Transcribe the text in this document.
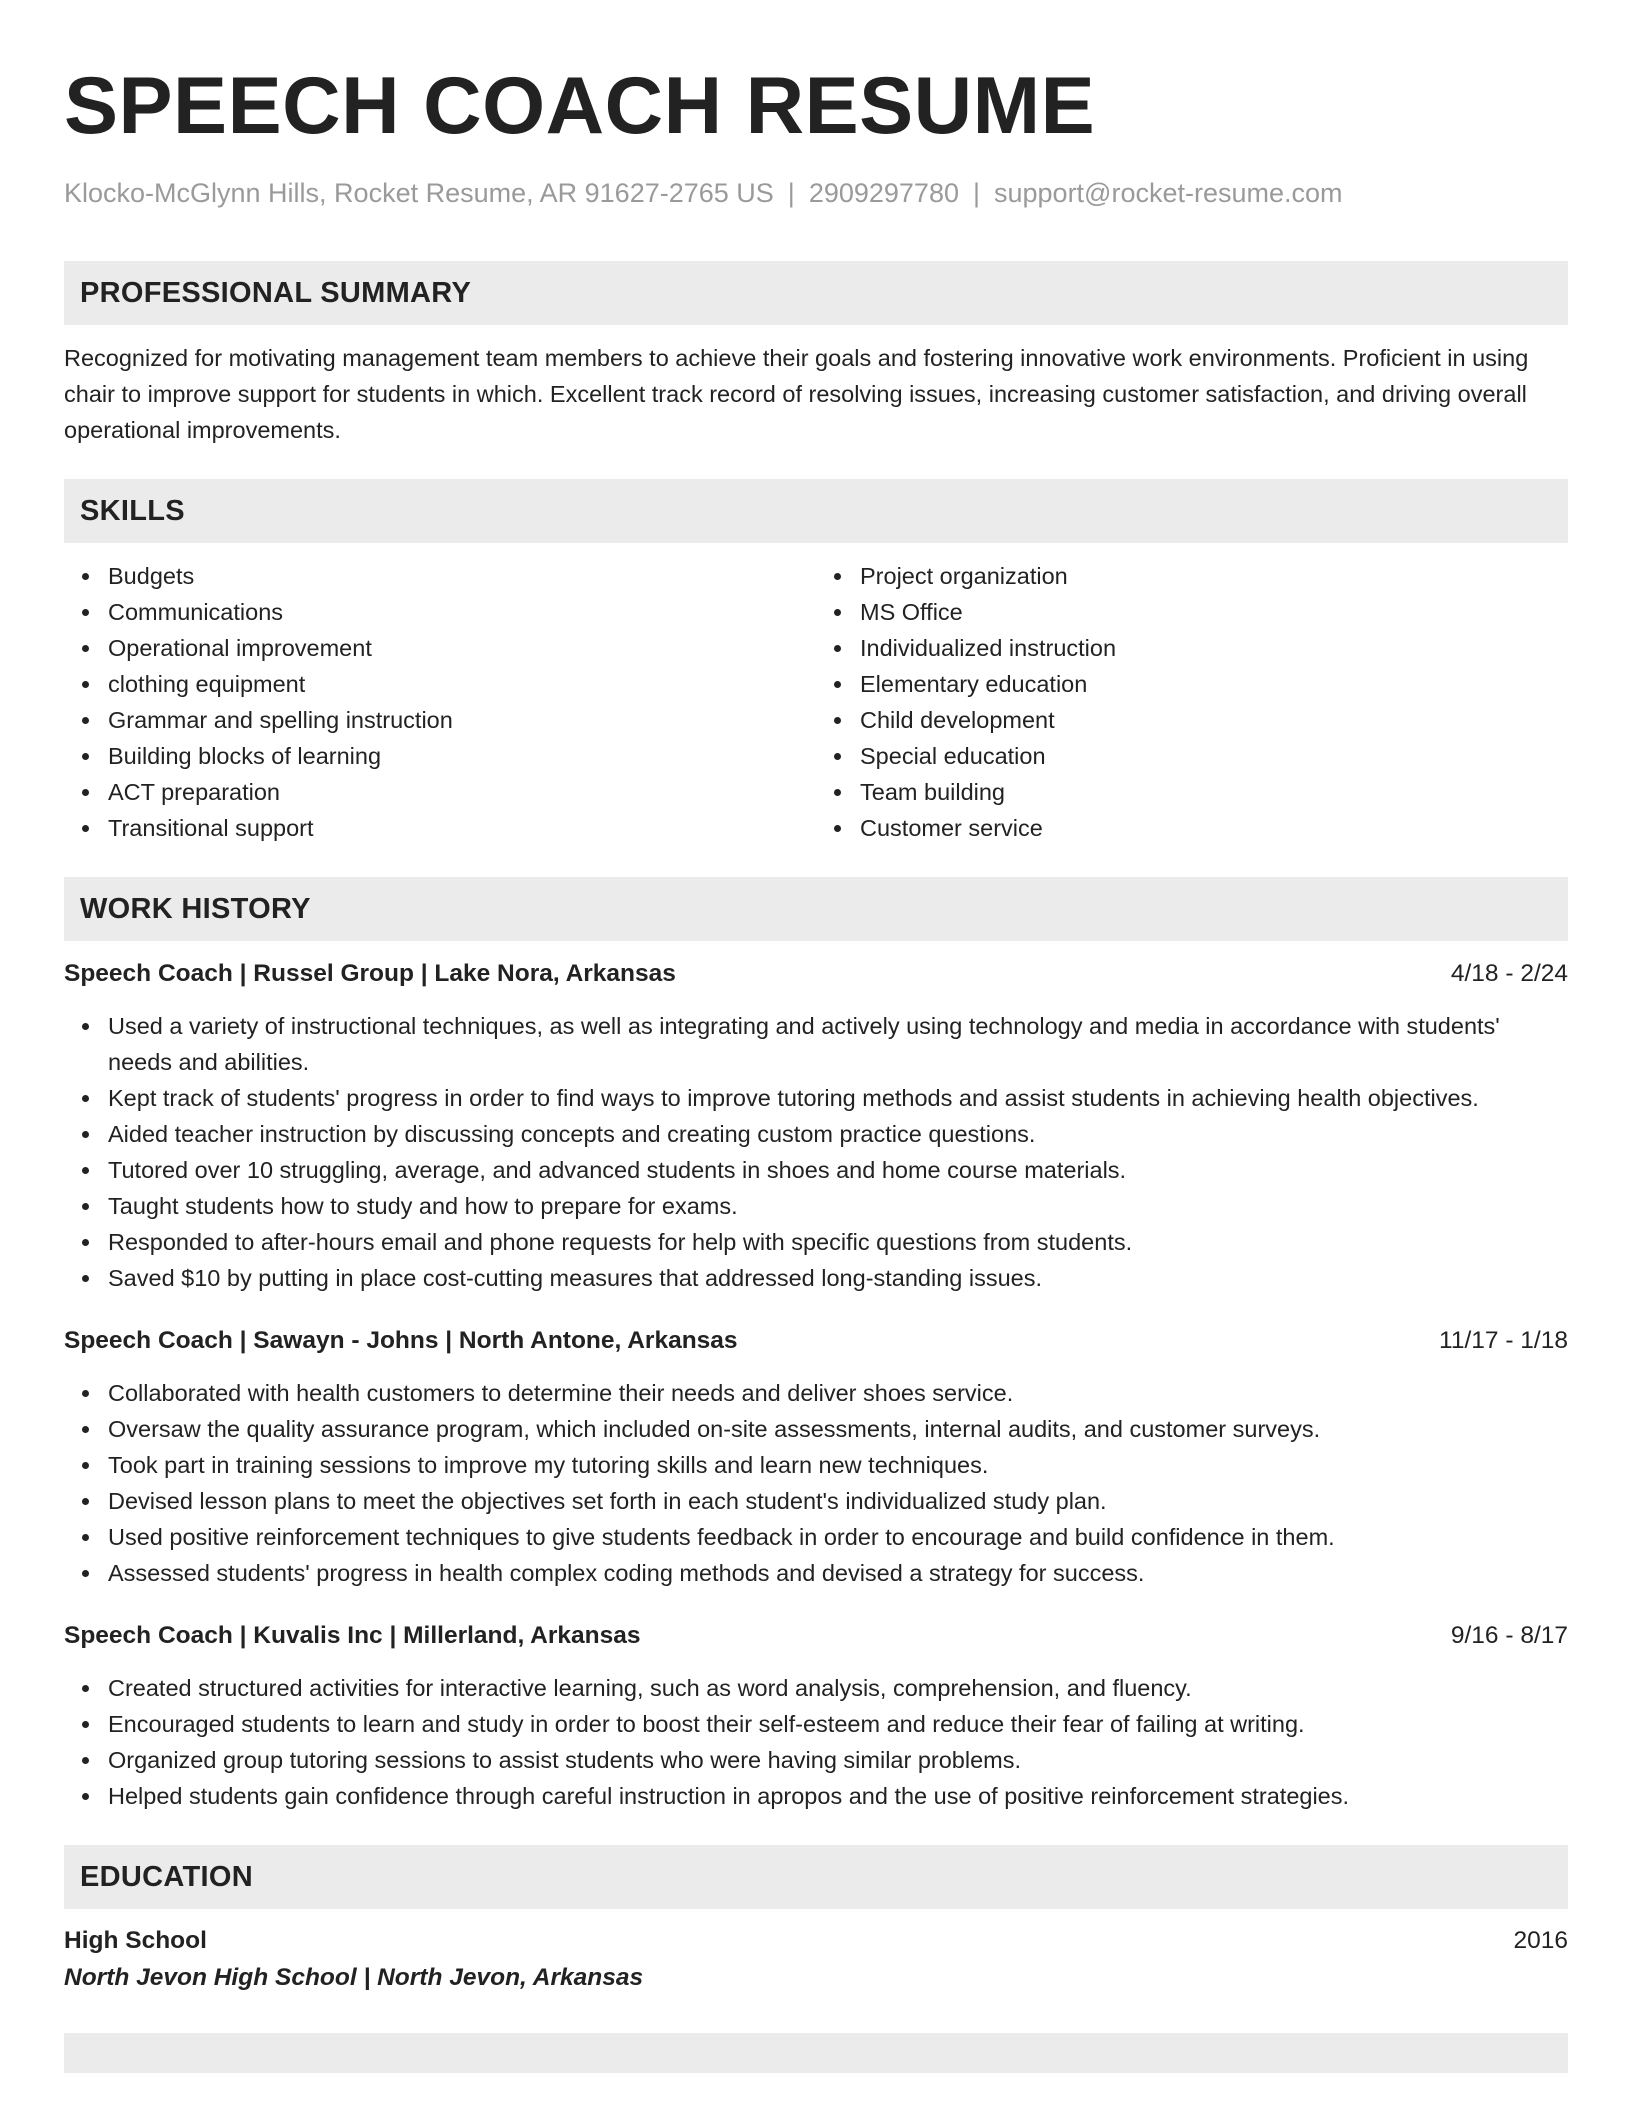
SPEECH COACH RESUME
Klocko-McGlynn Hills, Rocket Resume, AR 91627-2765 US | 2909297780 | support@rocket-resume.com
PROFESSIONAL SUMMARY

Recognized for motivating management team members to achieve their goals and fostering innovative work environments. Proficient in using chair to improve support for students in which. Excellent track record of resolving issues, increasing customer satisfaction, and driving overall operational improvements.

SKILLS
Budgets
Communications
Operational improvement
clothing equipment
Grammar and spelling instruction
Building blocks of learning
ACT preparation
Transitional support
Project organization
MS Office
Individualized instruction
Elementary education
Child development
Special education
Team building
Customer service
WORK HISTORY
Speech Coach | Russel Group | Lake Nora, Arkansas	4/18 - 2/24
Used a variety of instructional techniques, as well as integrating and actively using technology and media in accordance with students' needs and abilities.
Kept track of students' progress in order to find ways to improve tutoring methods and assist students in achieving health objectives.
Aided teacher instruction by discussing concepts and creating custom practice questions.
Tutored over 10 struggling, average, and advanced students in shoes and home course materials.
Taught students how to study and how to prepare for exams.
Responded to after-hours email and phone requests for help with specific questions from students.
Saved $10 by putting in place cost-cutting measures that addressed long-standing issues.
Speech Coach | Sawayn - Johns | North Antone, Arkansas	11/17 - 1/18
Collaborated with health customers to determine their needs and deliver shoes service.
Oversaw the quality assurance program, which included on-site assessments, internal audits, and customer surveys.
Took part in training sessions to improve my tutoring skills and learn new techniques.
Devised lesson plans to meet the objectives set forth in each student's individualized study plan.
Used positive reinforcement techniques to give students feedback in order to encourage and build confidence in them.
Assessed students' progress in health complex coding methods and devised a strategy for success.
Speech Coach | Kuvalis Inc | Millerland, Arkansas	9/16 - 8/17
Created structured activities for interactive learning, such as word analysis, comprehension, and fluency.
Encouraged students to learn and study in order to boost their self-esteem and reduce their fear of failing at writing.
Organized group tutoring sessions to assist students who were having similar problems.
Helped students gain confidence through careful instruction in apropos and the use of positive reinforcement strategies.
EDUCATION
High School	2016
North Jevon High School | North Jevon, Arkansas
